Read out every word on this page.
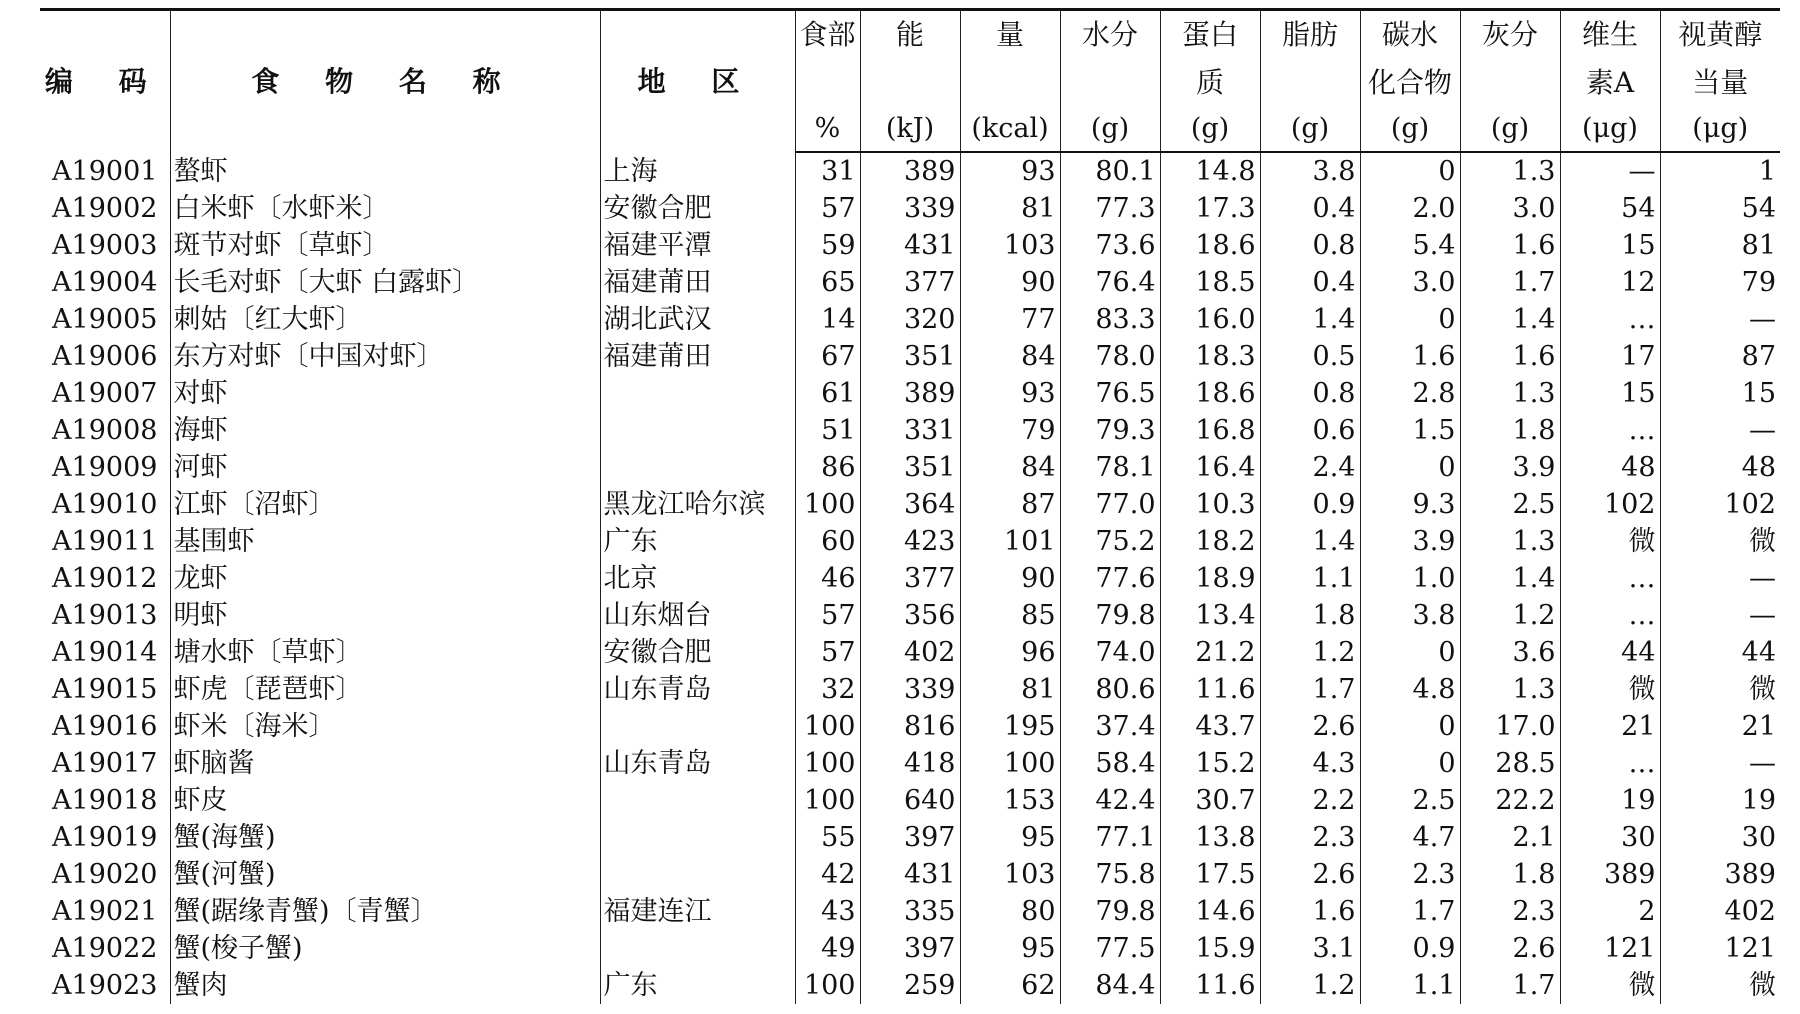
编 码	食 物 名 称	地 区	食部	能	量	水分	蛋白	脂肪	碳水	灰分	维生	视黄醇
							质		化合物		素A	当量
			%	(kJ)	(kcal)	(g)	(g)	(g)	(g)	(g)	(μg)	(μg)
A19001	螯虾	上海	31	389	93	80.1	14.8	3.8	0	1.3	—	1
A19002	白米虾〔水虾米〕	安徽合肥	57	339	81	77.3	17.3	0.4	2.0	3.0	54	54
A19003	斑节对虾〔草虾〕	福建平潭	59	431	103	73.6	18.6	0.8	5.4	1.6	15	81
A19004	长毛对虾〔大虾 白露虾〕	福建莆田	65	377	90	76.4	18.5	0.4	3.0	1.7	12	79
A19005	刺姑〔红大虾〕	湖北武汉	14	320	77	83.3	16.0	1.4	0	1.4	…	—
A19006	东方对虾〔中国对虾〕	福建莆田	67	351	84	78.0	18.3	0.5	1.6	1.6	17	87
A19007	对虾		61	389	93	76.5	18.6	0.8	2.8	1.3	15	15
A19008	海虾		51	331	79	79.3	16.8	0.6	1.5	1.8	…	—
A19009	河虾		86	351	84	78.1	16.4	2.4	0	3.9	48	48
A19010	江虾〔沼虾〕	黑龙江哈尔滨	100	364	87	77.0	10.3	0.9	9.3	2.5	102	102
A19011	基围虾	广东	60	423	101	75.2	18.2	1.4	3.9	1.3	微	微
A19012	龙虾	北京	46	377	90	77.6	18.9	1.1	1.0	1.4	…	—
A19013	明虾	山东烟台	57	356	85	79.8	13.4	1.8	3.8	1.2	…	—
A19014	塘水虾〔草虾〕	安徽合肥	57	402	96	74.0	21.2	1.2	0	3.6	44	44
A19015	虾虎〔琵琶虾〕	山东青岛	32	339	81	80.6	11.6	1.7	4.8	1.3	微	微
A19016	虾米〔海米〕		100	816	195	37.4	43.7	2.6	0	17.0	21	21
A19017	虾脑酱	山东青岛	100	418	100	58.4	15.2	4.3	0	28.5	…	—
A19018	虾皮		100	640	153	42.4	30.7	2.2	2.5	22.2	19	19
A19019	蟹(海蟹)		55	397	95	77.1	13.8	2.3	4.7	2.1	30	30
A19020	蟹(河蟹)		42	431	103	75.8	17.5	2.6	2.3	1.8	389	389
A19021	蟹(踞缘青蟹)〔青蟹〕	福建连江	43	335	80	79.8	14.6	1.6	1.7	2.3	2	402
A19022	蟹(梭子蟹)		49	397	95	77.5	15.9	3.1	0.9	2.6	121	121
A19023	蟹肉	广东	100	259	62	84.4	11.6	1.2	1.1	1.7	微	微
